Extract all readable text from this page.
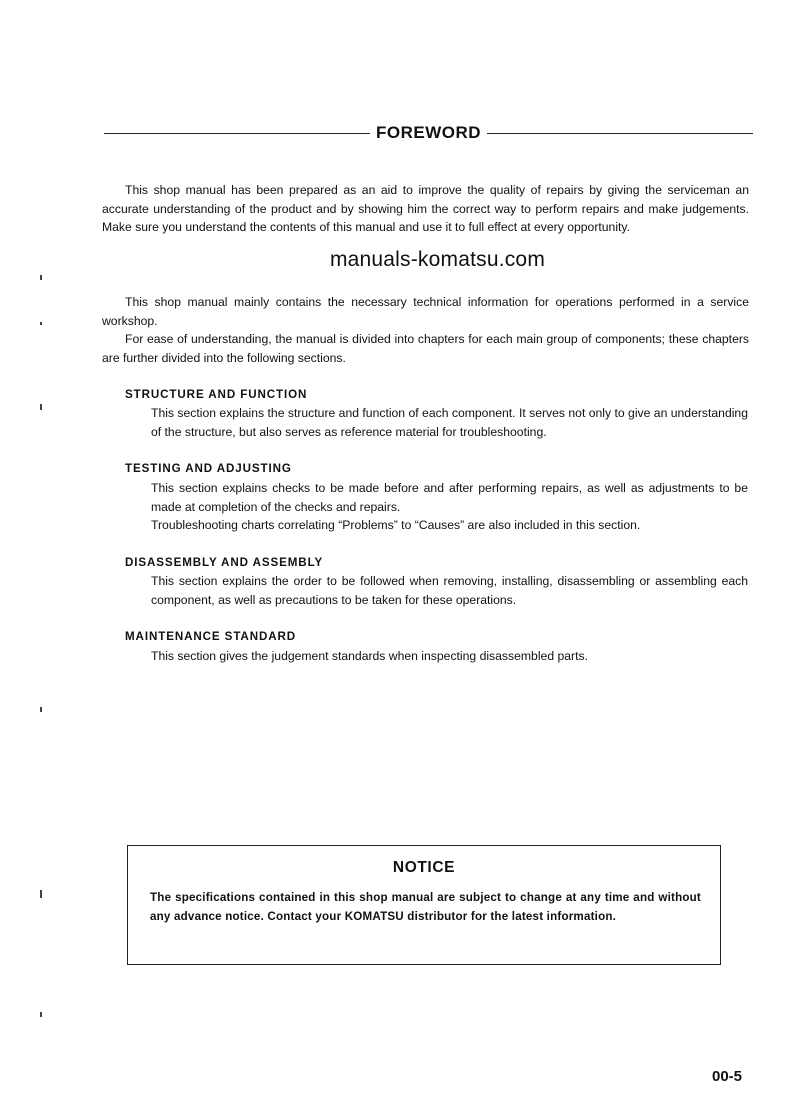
FOREWORD

This shop manual has been prepared as an aid to improve the quality of repairs by giving the serviceman an accurate understanding of the product and by showing him the correct way to perform repairs and make judgements. Make sure you understand the contents of this manual and use it to full effect at every opportunity.

manuals-komatsu.com

This shop manual mainly contains the necessary technical information for operations performed in a service workshop.

For ease of understanding, the manual is divided into chapters for each main group of components; these chapters are further divided into the following sections.

STRUCTURE AND FUNCTION

This section explains the structure and function of each component. It serves not only to give an understanding of the structure, but also serves as reference material for troubleshooting.

TESTING AND ADJUSTING

This section explains checks to be made before and after performing repairs, as well as adjustments to be made at completion of the checks and repairs.

Troubleshooting charts correlating “Problems” to “Causes” are also included in this section.

DISASSEMBLY AND ASSEMBLY

This section explains the order to be followed when removing, installing, disassembling or assembling each component, as well as precautions to be taken for these operations.

MAINTENANCE STANDARD

This section gives the judgement standards when inspecting disassembled parts.

NOTICE
The specifications contained in this shop manual are subject to change at any time and without any advance notice. Contact your KOMATSU distributor for the latest information.
00-5
